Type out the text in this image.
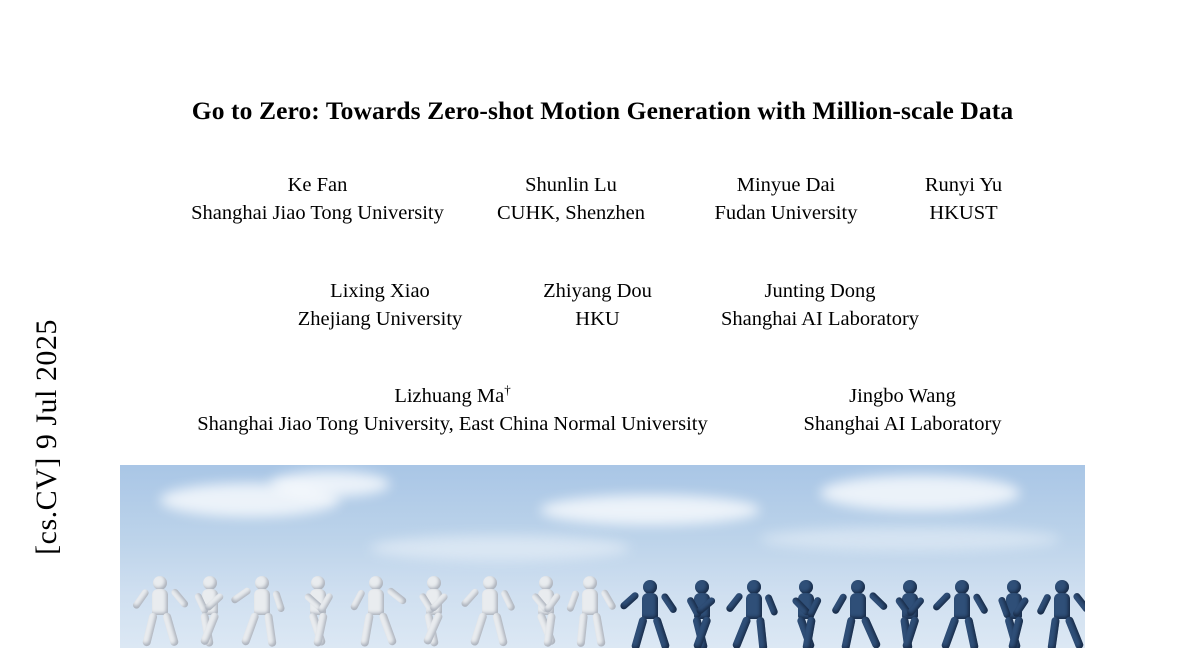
[cs.CV] 9 Jul 2025
Go to Zero: Towards Zero-shot Motion Generation with Million-scale Data
Ke Fan
Shanghai Jiao Tong University
Shunlin Lu
CUHK, Shenzhen
Minyue Dai
Fudan University
Runyi Yu
HKUST
Lixing Xiao
Zhejiang University
Zhiyang Dou
HKU
Junting Dong
Shanghai AI Laboratory
Lizhuang Ma†
Shanghai Jiao Tong University, East China Normal University
Jingbo Wang
Shanghai AI Laboratory
